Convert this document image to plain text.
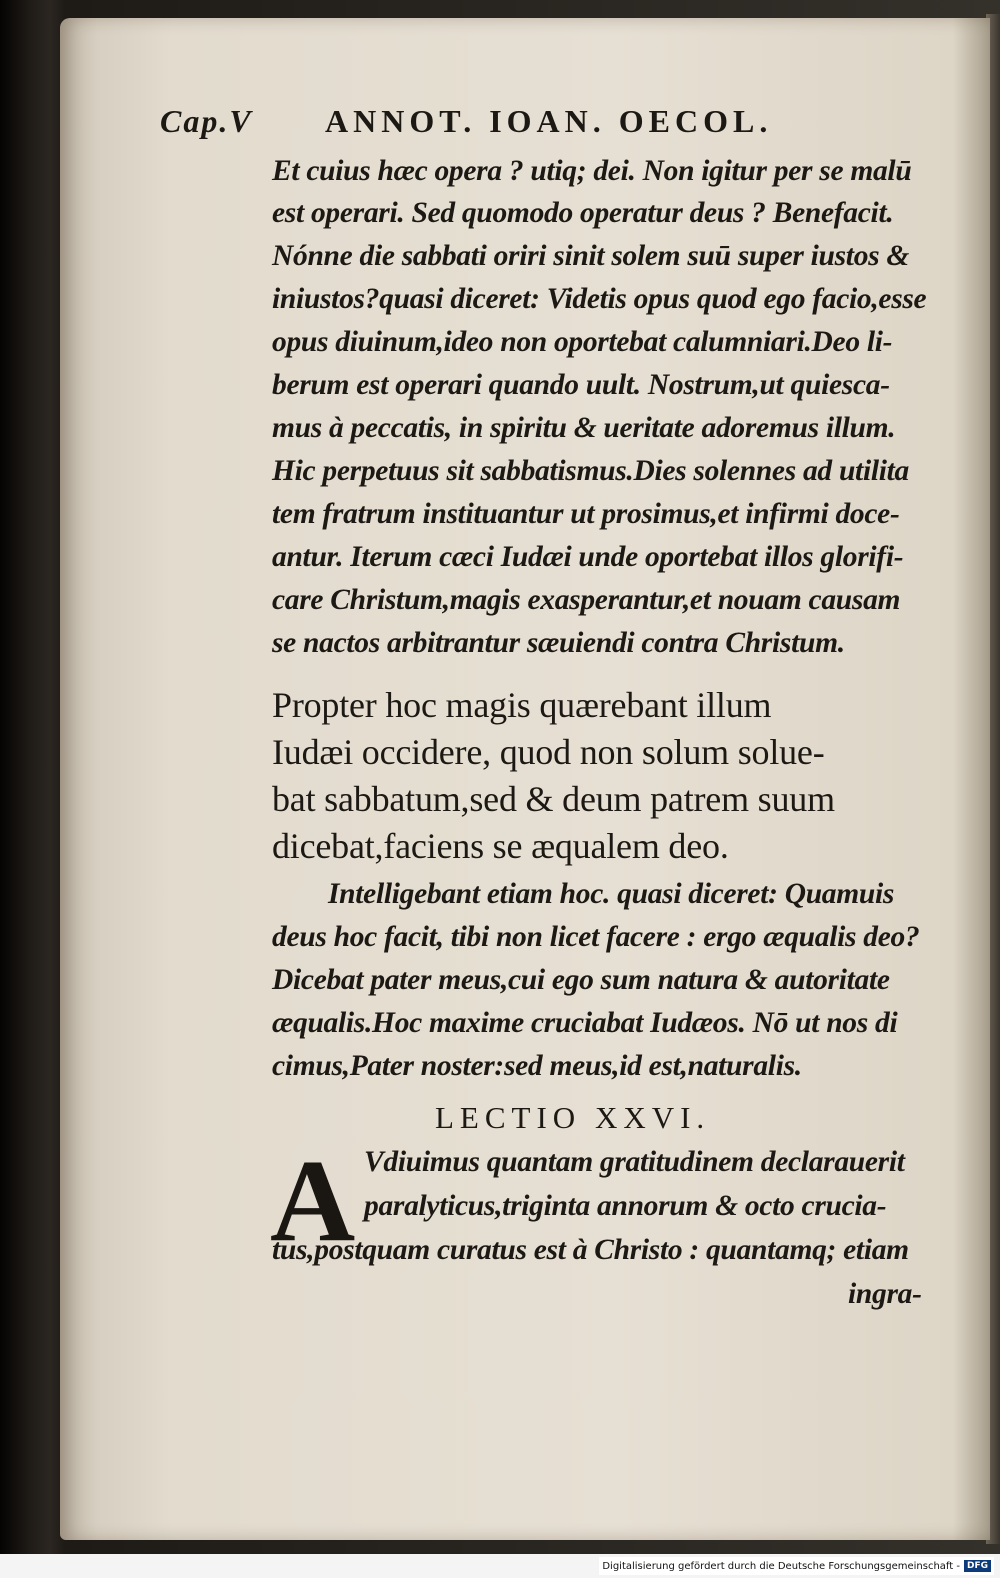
Cap.V ANNOT. IOAN. OECOL.
Et cuius hæc opera ? utiq; dei. Non igitur per se malū
est operari. Sed quomodo operatur deus ? Benefacit.
Nónne die sabbati oriri sinit solem suū super iustos &
iniustos?quasi diceret: Videtis opus quod ego facio,esse
opus diuinum,ideo non oportebat calumniari.Deo li-
berum est operari quando uult. Nostrum,ut quiesca-
mus à peccatis, in spiritu & ueritate adoremus illum.
Hic perpetuus sit sabbatismus.Dies solennes ad utilita
tem fratrum instituantur ut prosimus,et infirmi doce-
antur. Iterum cæci Iudæi unde oportebat illos glorifi-
care Christum,magis exasperantur,et nouam causam
se nactos arbitrantur sæuiendi contra Christum.
Propter hoc magis quærebant illum
Iudæi occidere, quod non solum solue-
bat sabbatum,sed & deum patrem suum
dicebat,faciens se æqualem deo.
Intelligebant etiam hoc. quasi diceret: Quamuis
deus hoc facit, tibi non licet facere : ergo æqualis deo?
Dicebat pater meus,cui ego sum natura & autoritate
æqualis.Hoc maxime cruciabat Iudæos. Nō ut nos di
cimus,Pater noster:sed meus,id est,naturalis.
LECTIO XXVI.
A Vdiuimus quantam gratitudinem declarauerit
paralyticus,triginta annorum & octo crucia-
tus,postquam curatus est à Christo : quantamq; etiam
ingra-
Digitalisierung gefördert durch die Deutsche Forschungsgemeinschaft - DFG
